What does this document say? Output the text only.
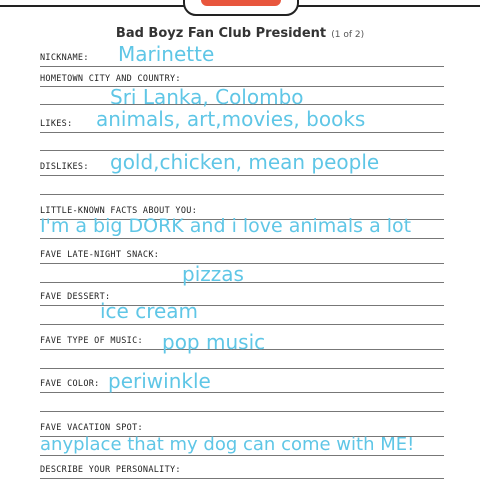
Bad Boyz Fan Club President (1 of 2)
NICKNAME: Marinette
HOMETOWN CITY AND COUNTRY:
Sri Lanka, Colombo
LIKES: animals, art,movies, books
DISLIKES: gold,chicken, mean people
LITTLE-KNOWN FACTS ABOUT YOU:
I'm a big DORK and i love animals a lot
FAVE LATE-NIGHT SNACK:
pizzas
FAVE DESSERT:
ice cream
FAVE TYPE OF MUSIC: pop music
FAVE COLOR: periwinkle
FAVE VACATION SPOT:
anyplace that my dog can come with ME!
DESCRIBE YOUR PERSONALITY:
